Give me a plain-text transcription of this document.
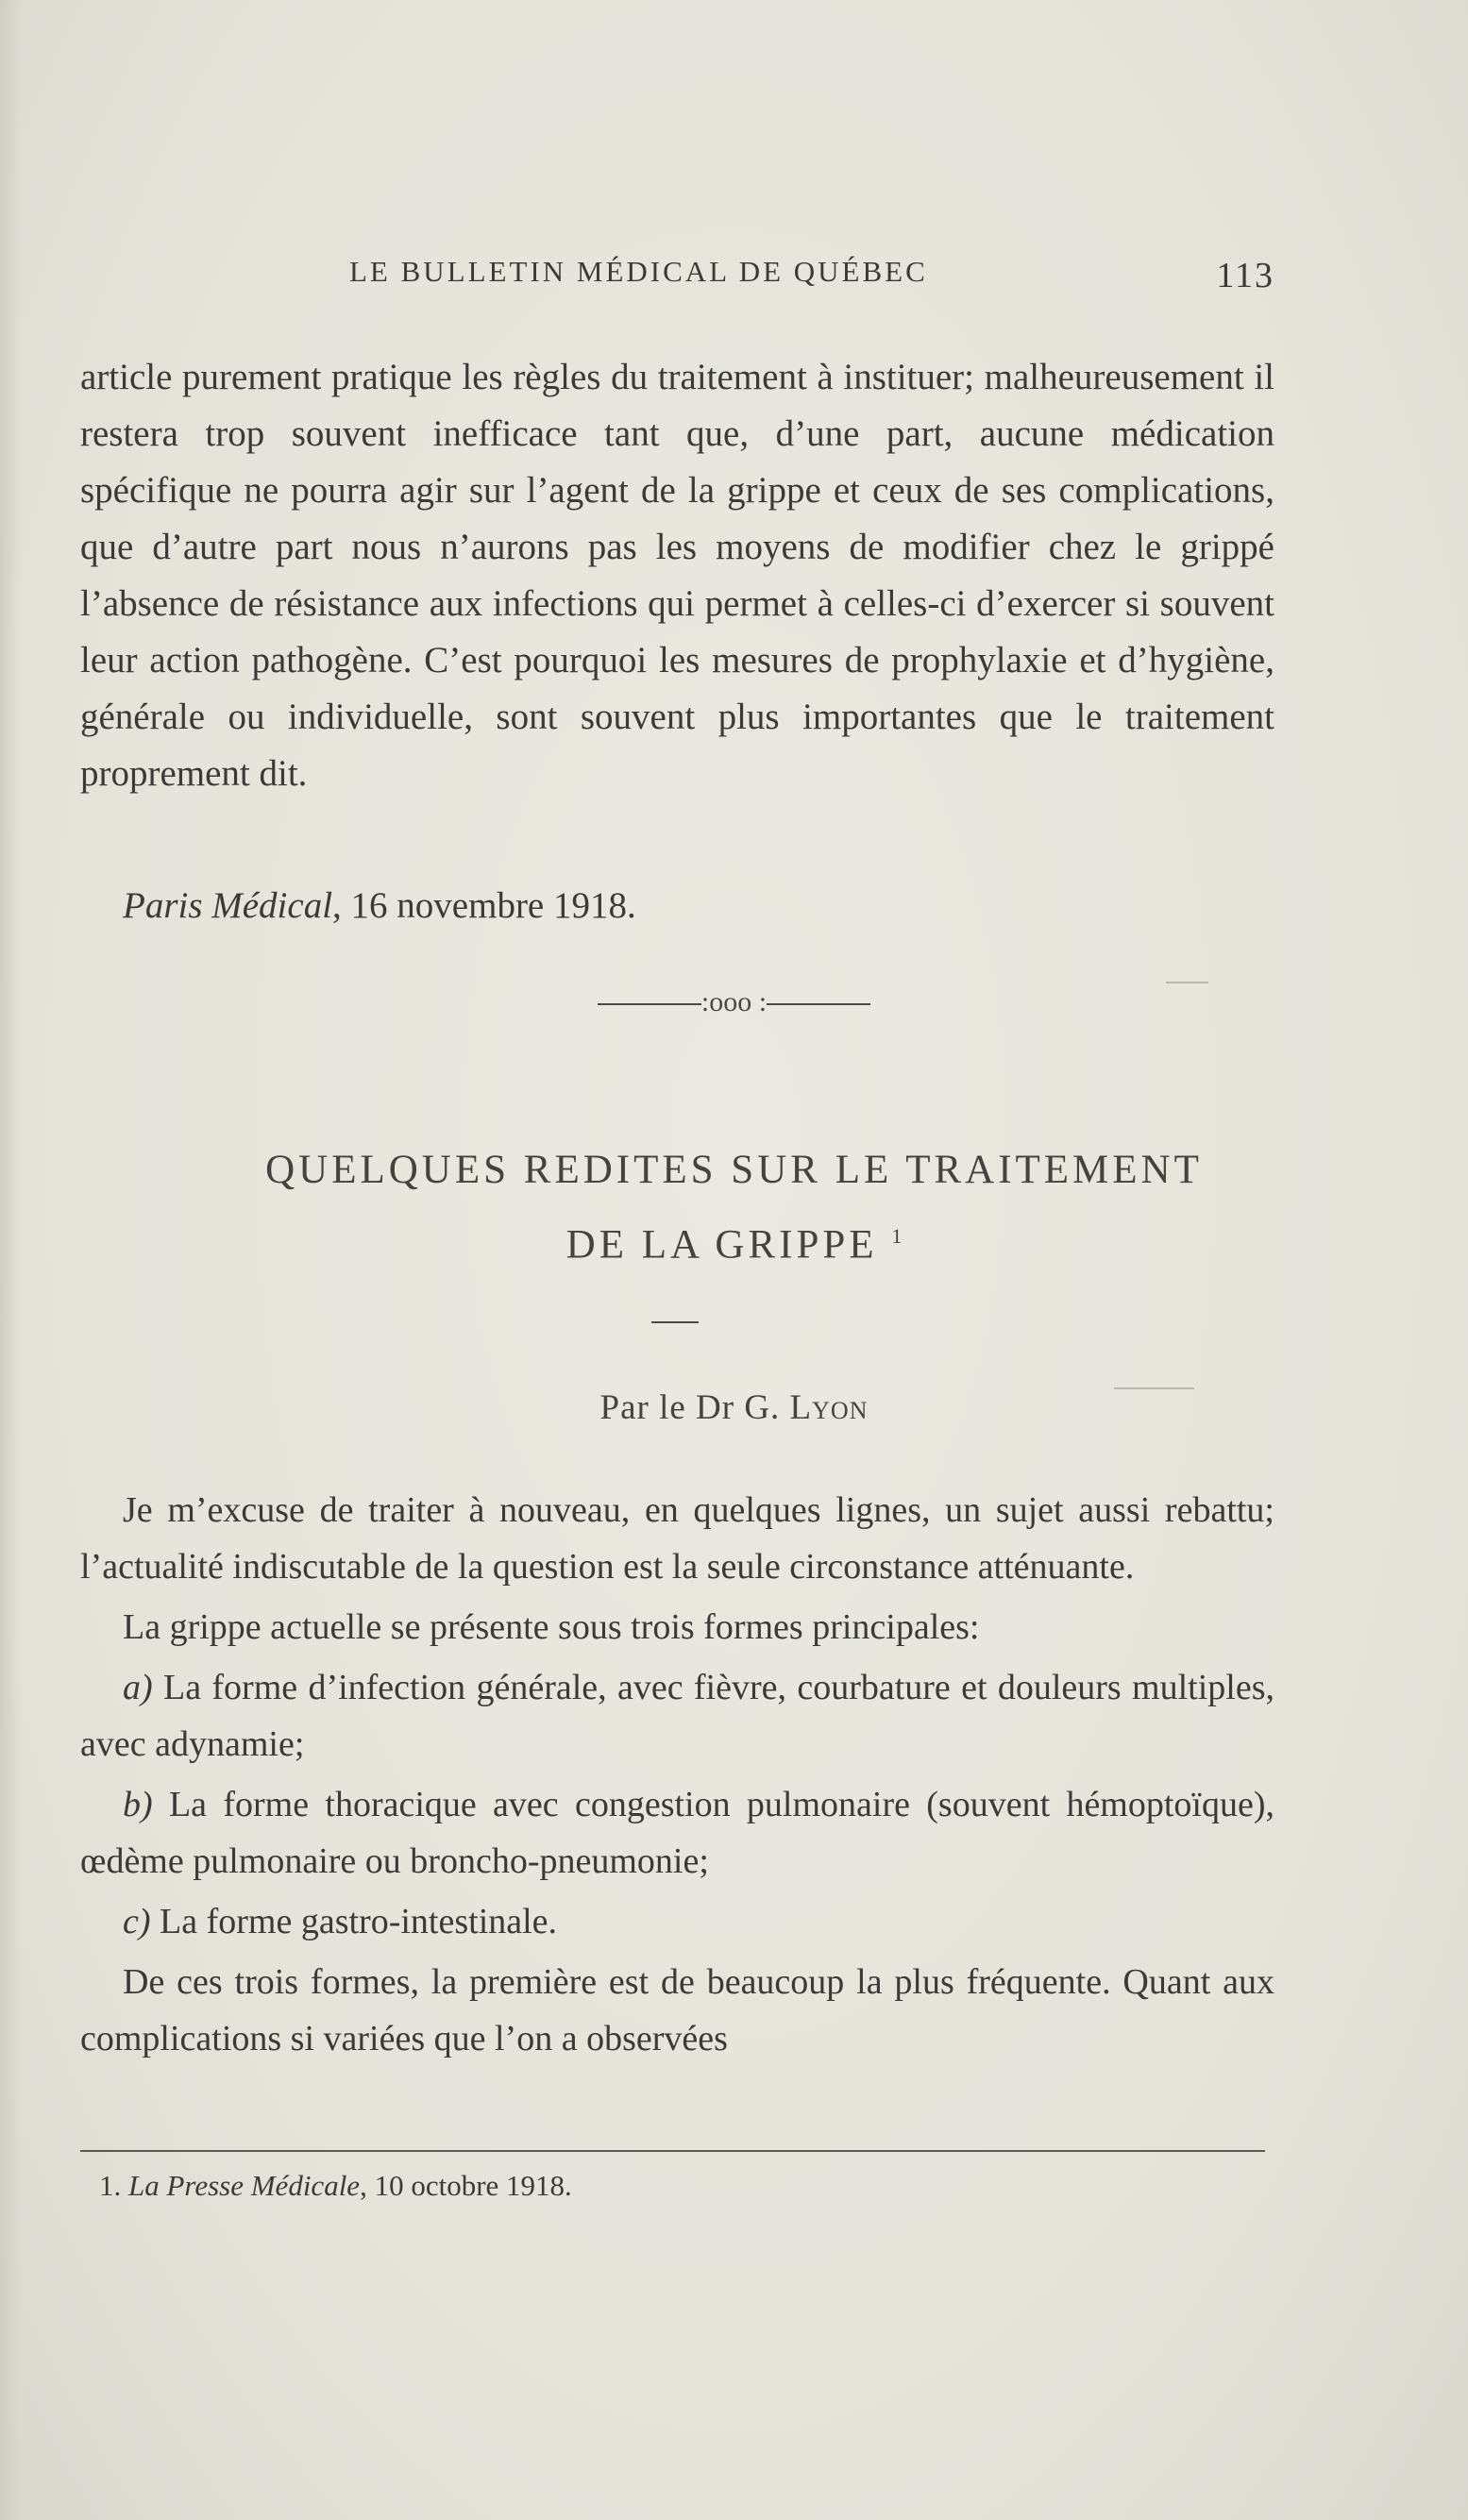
LE BULLETIN MÉDICAL DE QUÉBEC	113

article purement pratique les règles du traitement à instituer; malheureusement il restera trop souvent inefficace tant que, d’une part, aucune médication spécifique ne pourra agir sur l’agent de la grippe et ceux de ses complications, que d’autre part nous n’aurons pas les moyens de modifier chez le grippé l’absence de résistance aux infections qui permet à celles-ci d’exercer si souvent leur action pathogène. C’est pourquoi les mesures de prophylaxie et d’hygiène, générale ou individuelle, sont souvent plus importantes que le traitement proprement dit.

Paris Médical, 16 novembre 1918.
:ooo :
QUELQUES REDITES SUR LE TRAITEMENT
DE LA GRIPPE $^1$
Par le Dr G. Lyon

Je m’excuse de traiter à nouveau, en quelques lignes, un sujet aussi rebattu; l’actualité indiscutable de la question est la seule circonstance atténuante.

La grippe actuelle se présente sous trois formes principales:

a) La forme d’infection générale, avec fièvre, courbature et douleurs multiples, avec adynamie;

b) La forme thoracique avec congestion pulmonaire (souvent hémoptoïque), œdème pulmonaire ou broncho-pneumonie;

c) La forme gastro-intestinale.

De ces trois formes, la première est de beaucoup la plus fréquente. Quant aux complications si variées que l’on a observées

1. La Presse Médicale, 10 octobre 1918.
